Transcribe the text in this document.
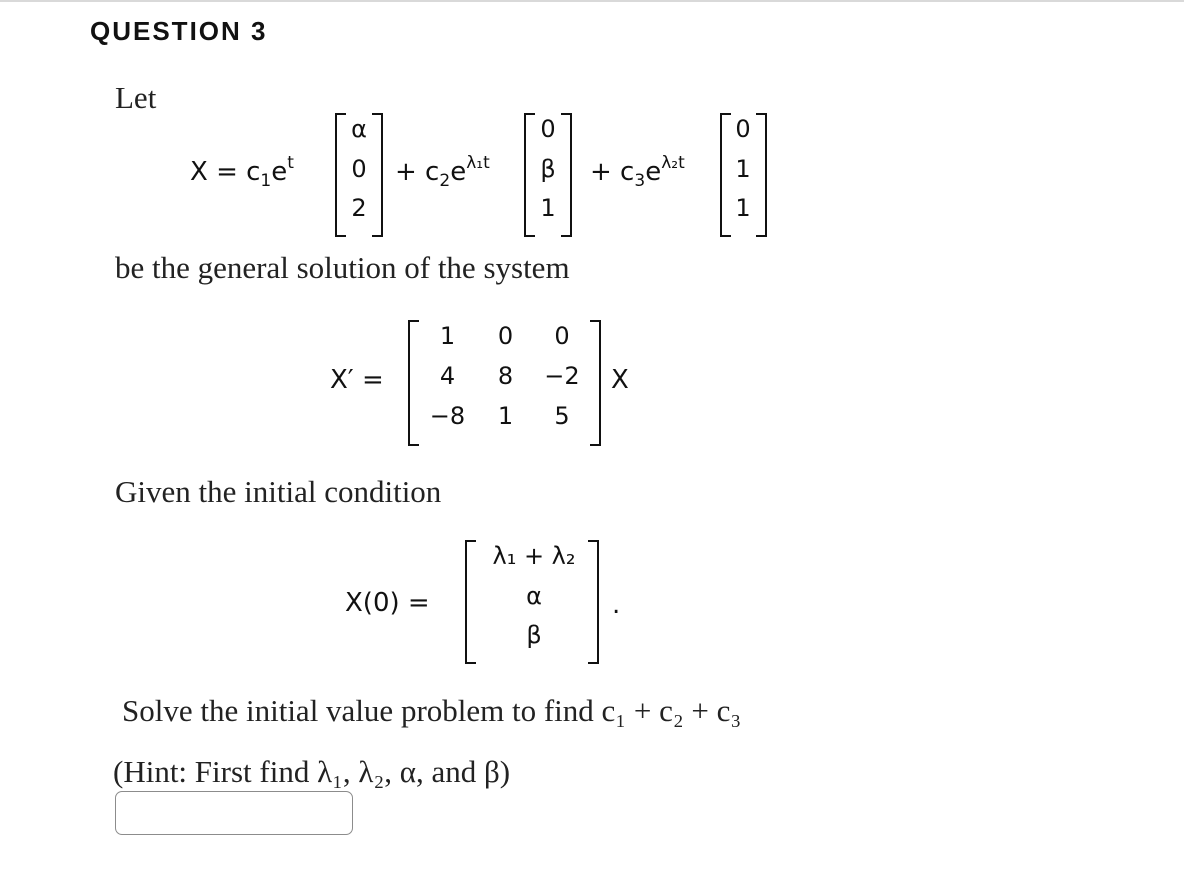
QUESTION 3
Let
$X = c_1e^t$
α
0
2
+ $c_2e^{\lambda_1t}$
0
β
1
+ $c_3e^{\lambda_2t}$
0
1
1
be the general solution of the system
X′ =
1	0	0
4	8	−2
−8	1	5
X
Given the initial condition
X(0) =
λ₁ + λ₂
α
β
.
Solve the initial value problem to find c₁ + c₂ + c₃
(Hint: First find λ₁, λ₂, α, and β)
